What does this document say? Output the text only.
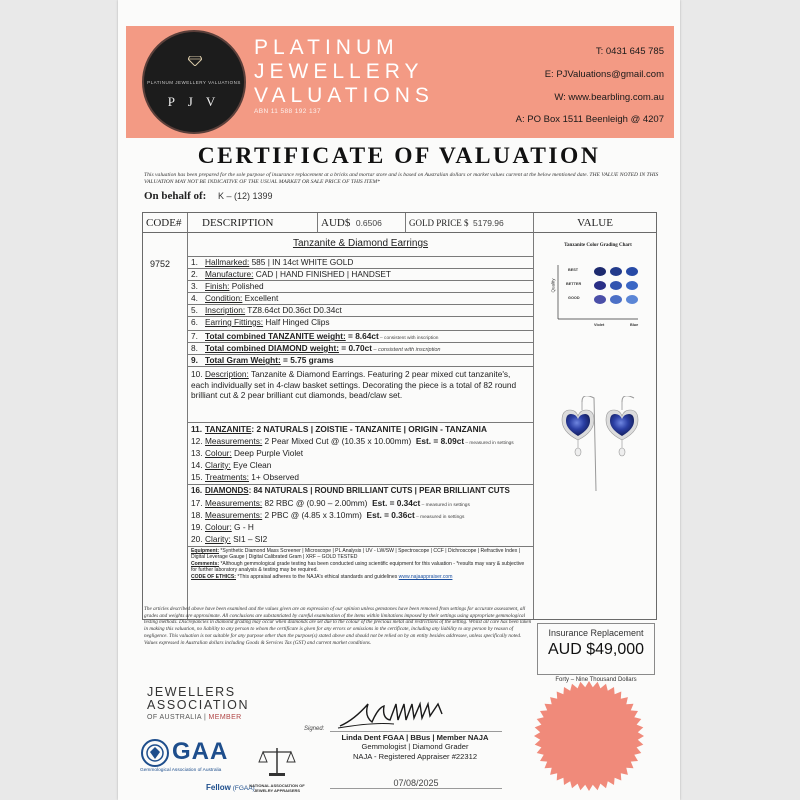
PLATINUM JEWELLERY VALUATIONS
P J V
PLATINUM
JEWELLERY
VALUATIONS
ABN 11 588 192 137
T: 0431 645 785
E: PJValuations@gmail.com
W: www.bearbling.com.au
A: PO Box 1511 Beenleigh @ 4207
CERTIFICATE OF VALUATION
This valuation has been prepared for the sole purpose of insurance replacement at a bricks and mortar store and is based on Australian dollars or market values current at the below mentioned date. THE VALUE NOTED IN THIS VALUATION MAY NOT BE INDICATIVE OF THE USUAL MARKET OR SALE PRICE OF THIS ITEM*
On behalf of: K – (12) 1399
CODE#	DESCRIPTION	AUD$ 0.6506	GOLD PRICE $ 5179.96	VALUE
9752
Tanzanite & Diamond Earrings
1. Hallmarked: 585 | IN 14ct WHITE GOLD
2. Manufacture: CAD | HAND FINISHED | HANDSET
3. Finish: Polished
4. Condition: Excellent
5. Inscription: TZ8.64ct D0.36ct D0.34ct
6. Earring Fittings: Half Hinged Clips
7. Total combined TANZANITE weight: = 8.64ct – consistent with inscription
8. Total combined DIAMOND weight: = 0.70ct – consistent with inscription
9. Total Gram Weight: = 5.75 grams
10. Description: Tanzanite & Diamond Earrings. Featuring 2 pear mixed cut tanzanite's, each individually set in 4-claw basket settings. Decorating the piece is a total of 82 round brilliant cut & 2 pear brilliant cut diamonds, bead/claw set.
11. TANZANITE: 2 NATURALS | ZOISTIE - TANZANITE | ORIGIN - TANZANIA
12. Measurements: 2 Pear Mixed Cut @ (10.35 x 10.00mm) Est. = 8.09ct – measured in settings
13. Colour: Deep Purple Violet
14. Clarity: Eye Clean
15. Treatments: 1+ Observed
16. DIAMONDS: 84 NATURALS | ROUND BRILLIANT CUTS | PEAR BRILLIANT CUTS
17. Measurements: 82 RBC @ (0.90 – 2.00mm) Est. = 0.34ct – measured in settings
18. Measurements: 2 PBC @ (4.85 x 3.10mm) Est. = 0.36ct – measured in settings
19. Colour: G - H
20. Clarity: SI1 – SI2
Equipment: *Synthetic Diamond Mass Screener | Microscope | PL Analysis | UV - LW/SW | Spectroscope | CCF | Dichroscope | Refractive Index | Digital Leverage Gauge | Digital Calibrated Gram | XRF – GOLD TESTED
Comments: *Although gemmological grade testing has been conducted using scientific equipment for this valuation - *results may vary & subjective for further laboratory analysis & testing may be required.
CODE OF ETHICS: *This appraisal adheres to the NAJA's ethical standards and guidelines www.najaappraiser.com
Tanzanite Color Grading Chart
Quality
BEST
BETTER
GOOD
Violet	Blue
The articles described above have been examined and the values given are an expression of our opinion unless gemstones have been removed from settings for accurate assessment, all grades and weights are approximate. All conclusions are substantiated by careful examination of the items within limitations imposed by their settings using appropriate gemmological testing methods. Discrepancies in diamond grading may occur when diamonds are set due to the colour of the precious metal and restrictions of the setting. Whilst all care has been taken in making this valuation, no liability to any person to whom the certificate is given for any errors or omissions in the certificate, including any liability to any person by reason of negligence. This valuation is not suitable for any purpose other than the purpose(s) stated above and should not be relied on by an entity besides addressee, unless specifically noted. Values expressed in Australian dollars including Goods & Services Tax (GST) and current market conditions.
Insurance Replacement
AUD $49,000
Forty – Nine Thousand Dollars
JEWELLERS
ASSOCIATION
OF AUSTRALIA | MEMBER
Signed:
Linda Dent FGAA | BBus | Member NAJA
Gemmologist | Diamond Grader
NAJA - Registered Appraiser #22312
GAA
Gemmological Association of Australia
Fellow (FGAA)
NATIONAL ASSOCIATION OF JEWELRY APPRAISERS
07/08/2025
